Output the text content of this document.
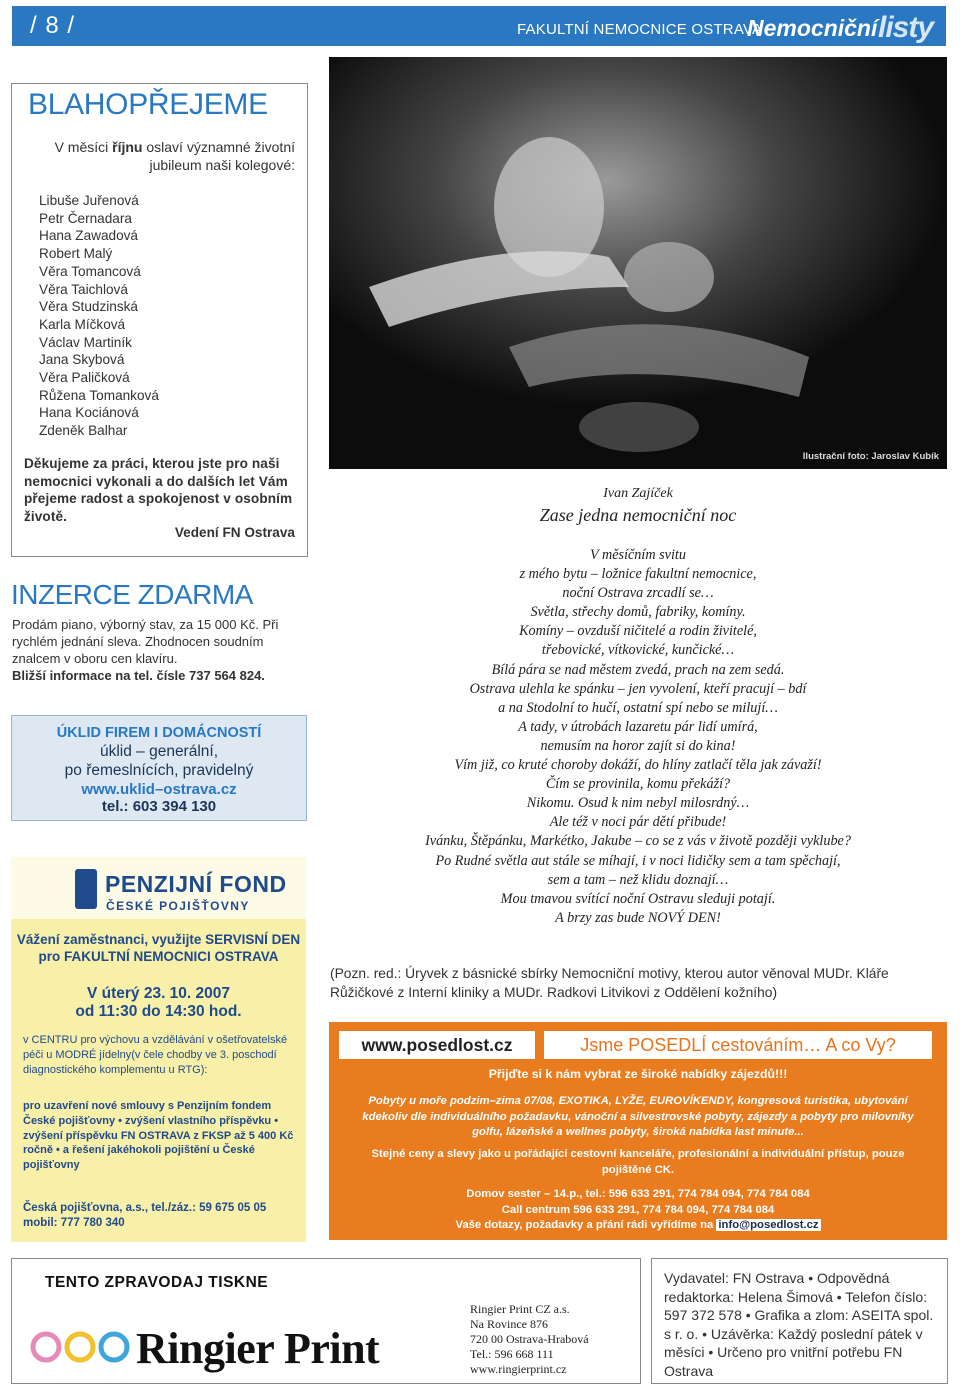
/ 8 /	FAKULTNÍ NEMOCNICE OSTRAVA
Nemocniční listy
BLAHOPŘEJEME
V měsíci říjnu oslaví významné životní jubileum naši kolegové:
Libuše Juřenová
Petr Černadara
Hana Zawadová
Robert Malý
Věra Tomancová
Věra Taichlová
Věra Studzinská
Karla Míčková
Václav Martiník
Jana Skybová
Věra Paličková
Růžena Tomanková
Hana Kociánová
Zdeněk Balhar
Děkujeme za práci, kterou jste pro naši nemocnici vykonali a do dalších let Vám přejeme radost a spokojenost v osobním životě.
Vedení FN Ostrava
INZERCE ZDARMA
Prodám piano, výborný stav, za 15 000 Kč. Při rychlém jednání sleva. Zhodnocen soudním znalcem v oboru cen klavíru.
Bližší informace na tel. čísle 737 564 824.
ÚKLID FIREM I DOMÁCNOSTÍ
úklid – generální,
po řemeslnících, pravidelný
www.uklid–ostrava.cz
tel.: 603 394 130
PENZIJNÍ FOND
ČESKÉ POJIŠŤOVNY
Vážení zaměstnanci, využijte SERVISNÍ DEN pro FAKULTNÍ NEMOCNICI OSTRAVA
V úterý 23. 10. 2007
od 11:30 do 14:30 hod.
v CENTRU pro výchovu a vzdělávání v ošetřovatelské péči u MODRÉ jídelny(v čele chodby ve 3. poschodí diagnostického komplementu u RTG):
pro uzavření nové smlouvy s Penzijním fondem České pojišťovny • zvýšení vlastního příspěvku • zvýšení příspěvku FN OSTRAVA z FKSP až 5 400 Kč ročně • a řešení jakéhokoli pojištění u České pojišťovny
Česká pojišťovna, a.s., tel./záz.: 59 675 05 05
mobil: 777 780 340
Ilustrační foto: Jaroslav Kubík
Ivan Zajíček
Zase jedna nemocniční noc
V měsíčním svitu
z mého bytu – ložnice fakultní nemocnice,
noční Ostrava zrcadlí se…
Světla, střechy domů, fabriky, komíny.
Komíny – ovzduší ničitelé a rodin živitelé,
třebovické, vítkovické, kunčické…
Bílá pára se nad městem zvedá, prach na zem sedá.
Ostrava ulehla ke spánku – jen vyvolení, kteří pracují – bdí
a na Stodolní to hučí, ostatní spí nebo se milují…
A tady, v útrobách lazaretu pár lidí umírá,
nemusím na horor zajít si do kina!
Vím již, co kruté choroby dokáží, do hlíny zatlačí těla jak závaží!
Čím se provinila, komu překáží?
Nikomu. Osud k nim nebyl milosrdný…
Ale též v noci pár dětí přibude!
Ivánku, Štěpánku, Markétko, Jakube – co se z vás v životě později vyklube?
Po Rudné světla aut stále se míhají, i v noci lidičky sem a tam spěchají,
sem a tam – než klidu doznají…
Mou tmavou svítící noční Ostravu sleduji potají.
A brzy zas bude NOVÝ DEN!
(Pozn. red.: Úryvek z básnické sbírky Nemocniční motivy, kterou autor věnoval MUDr. Kláře Růžičkové z Interní kliniky a MUDr. Radkovi Litvikovi z Oddělení kožního)
www.posedlost.cz	Jsme POSEDLÍ cestováním… A co Vy?
Přijďte si k nám vybrat ze široké nabídky zájezdů!!!
Pobyty u moře podzim–zima 07/08, EXOTIKA, LYŽE, EUROVÍKENDY, kongresová turistika, ubytování kdekoliv dle individuálního požadavku, vánoční a silvestrovské pobyty, zájezdy a pobyty pro milovníky golfu, lázeňské a wellnes pobyty, široká nabídka last minute...
Stejné ceny a slevy jako u pořádající cestovní kanceláře, profesionální a individuální přístup, pouze pojištěné CK.
Domov sester – 14.p., tel.: 596 633 291, 774 784 094, 774 784 084
Call centrum 596 633 291, 774 784 094, 774 784 084
Vaše dotazy, požadavky a přání rádi vyřídíme na info@posedlost.cz
TENTO ZPRAVODAJ TISKNE
Ringier Print
Ringier Print CZ a.s.
Na Rovince 876
720 00 Ostrava-Hrabová
Tel.: 596 668 111
www.ringierprint.cz
Vydavatel: FN Ostrava • Odpovědná redaktorka: Helena Šimová • Telefon číslo: 597 372 578 • Grafika a zlom: ASEITA spol. s r. o. • Uzávěrka: Každý poslední pátek v měsíci • Určeno pro vnitřní potřebu FN Ostrava
